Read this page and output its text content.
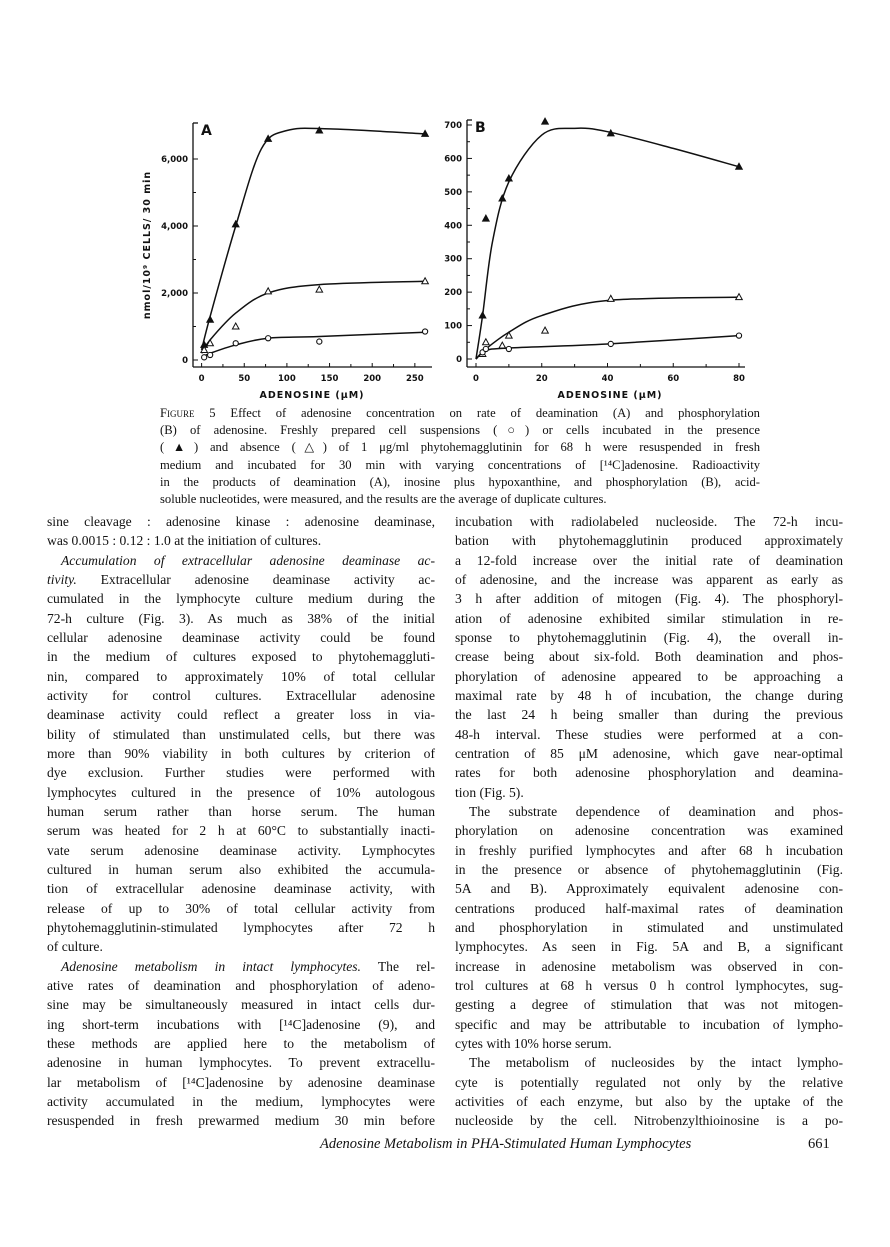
A
0	50	100	150	200	250
0
2,000
4,000
6,000
ADENOSINE (μM)
nmol/10⁹ CELLS/ 30 min
B
0	20	40	60	80
0
100
200
300
400
500
600
700
ADENOSINE (μM)
Figure 5 Effect of adenosine concentration on rate of deamination (A) and phosphorylation
(B) of adenosine. Freshly prepared cell suspensions (○) or cells incubated in the presence
(▲) and absence (△) of 1 μg/ml phytohemagglutinin for 68 h were resuspended in fresh
medium and incubated for 30 min with varying concentrations of [¹⁴C]adenosine. Radioactivity
in the products of deamination (A), inosine plus hypoxanthine, and phosphorylation (B), acid-
soluble nucleotides, were measured, and the results are the average of duplicate cultures.
sine cleavage : adenosine kinase : adenosine deaminase,
was 0.0015 : 0.12 : 1.0 at the initiation of cultures.
Accumulation of extracellular adenosine deaminase ac-
tivity. Extracellular adenosine deaminase activity ac-
cumulated in the lymphocyte culture medium during the
72-h culture (Fig. 3). As much as 38% of the initial
cellular adenosine deaminase activity could be found
in the medium of cultures exposed to phytohemaggluti-
nin, compared to approximately 10% of total cellular
activity for control cultures. Extracellular adenosine
deaminase activity could reflect a greater loss in via-
bility of stimulated than unstimulated cells, but there was
more than 90% viability in both cultures by criterion of
dye exclusion. Further studies were performed with
lymphocytes cultured in the presence of 10% autologous
human serum rather than horse serum. The human
serum was heated for 2 h at 60°C to substantially inacti-
vate serum adenosine deaminase activity. Lymphocytes
cultured in human serum also exhibited the accumula-
tion of extracellular adenosine deaminase activity, with
release of up to 30% of total cellular activity from
phytohemagglutinin-stimulated lymphocytes after 72 h
of culture.
Adenosine metabolism in intact lymphocytes. The rel-
ative rates of deamination and phosphorylation of adeno-
sine may be simultaneously measured in intact cells dur-
ing short-term incubations with [¹⁴C]adenosine (9), and
these methods are applied here to the metabolism of
adenosine in human lymphocytes. To prevent extracellu-
lar metabolism of [¹⁴C]adenosine by adenosine deaminase
activity accumulated in the medium, lymphocytes were
resuspended in fresh prewarmed medium 30 min before
incubation with radiolabeled nucleoside. The 72-h incu-
bation with phytohemagglutinin produced approximately
a 12-fold increase over the initial rate of deamination
of adenosine, and the increase was apparent as early as
3 h after addition of mitogen (Fig. 4). The phosphoryl-
ation of adenosine exhibited similar stimulation in re-
sponse to phytohemagglutinin (Fig. 4), the overall in-
crease being about six-fold. Both deamination and phos-
phorylation of adenosine appeared to be approaching a
maximal rate by 48 h of incubation, the change during
the last 24 h being smaller than during the previous
48-h interval. These studies were performed at a con-
centration of 85 μM adenosine, which gave near-optimal
rates for both adenosine phosphorylation and deamina-
tion (Fig. 5).
The substrate dependence of deamination and phos-
phorylation on adenosine concentration was examined
in freshly purified lymphocytes and after 68 h incubation
in the presence or absence of phytohemagglutinin (Fig.
5A and B). Approximately equivalent adenosine con-
centrations produced half-maximal rates of deamination
and phosphorylation in stimulated and unstimulated
lymphocytes. As seen in Fig. 5A and B, a significant
increase in adenosine metabolism was observed in con-
trol cultures at 68 h versus 0 h control lymphocytes, sug-
gesting a degree of stimulation that was not mitogen-
specific and may be attributable to incubation of lympho-
cytes with 10% horse serum.
The metabolism of nucleosides by the intact lympho-
cyte is potentially regulated not only by the relative
activities of each enzyme, but also by the uptake of the
nucleoside by the cell. Nitrobenzylthioinosine is a po-
Adenosine Metabolism in PHA-Stimulated Human Lymphocytes	661
